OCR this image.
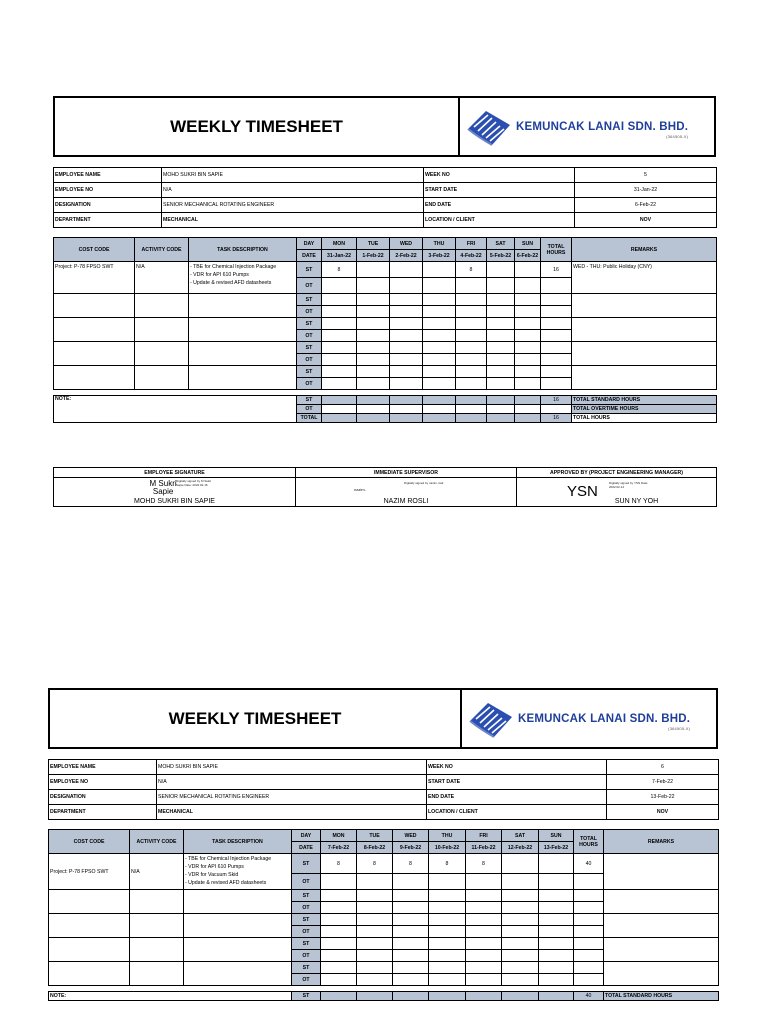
WEEKLY TIMESHEET	KEMUNCAK LANAI SDN. BHD.
(364505-X)
EMPLOYEE NAME	MOHD SUKRI BIN SAPIE	WEEK NO	5
EMPLOYEE NO	N/A	START DATE	31-Jan-22
DESIGNATION	SENIOR MECHANICAL ROTATING ENGINEER	END DATE	6-Feb-22
DEPARTMENT	MECHANICAL	LOCATION / CLIENT	NOV
COST CODE	ACTIVITY CODE	TASK DESCRIPTION	DAY	MON	TUE	WED	THU	FRI	SAT	SUN	TOTAL HOURS	REMARKS
			DATE	31-Jan-22	1-Feb-22	2-Feb-22	3-Feb-22	4-Feb-22	5-Feb-22	6-Feb-22		
Project: P-78 FPSO SWT	N/A	- TBE for Chemical Injection Package
- VDR for API 610 Pumps
- Update & revised AFD datasheets	ST	8				8			16	WED - THU: Public Holiday (CNY)
			OT									
			ST									
			OT									
			ST									
			OT									
			ST									
			OT									
			ST									
			OT									
NOTE:	ST								16	TOTAL STANDARD HOURS
	OT									TOTAL OVERTIME HOURS
	TOTAL								16	TOTAL HOURS
EMPLOYEE SIGNATURE	IMMEDIATE SUPERVISOR	APPROVED BY (PROJECT ENGINEERING MANAGER)

M Sukri Sapie
Digitally signed by M Sukri Sapie Date: 2022.02.16
MOHD SUKRI BIN SAPIE	nazim.
Digitally signed by nazim.rosli
NAZIM ROSLI	YSN Digitally signed by YSN Date: 2022.02.14
SUN NY YOH
WEEKLY TIMESHEET	KEMUNCAK LANAI SDN. BHD.
(364505-X)
EMPLOYEE NAME	MOHD SUKRI BIN SAPIE	WEEK NO	6
EMPLOYEE NO	N/A	START DATE	7-Feb-22
DESIGNATION	SENIOR MECHANICAL ROTATING ENGINEER	END DATE	13-Feb-22
DEPARTMENT	MECHANICAL	LOCATION / CLIENT	NOV
COST CODE	ACTIVITY CODE	TASK DESCRIPTION	DAY	MON	TUE	WED	THU	FRI	SAT	SUN	TOTAL HOURS	REMARKS
			DATE	7-Feb-22	8-Feb-22	9-Feb-22	10-Feb-22	11-Feb-22	12-Feb-22	13-Feb-22		
Project: P-78 FPSO SWT	N/A	- TBE for Chemical Injection Package
- VDR for API 610 Pumps
- VDR for Vacuum Skid
- Update & revised AFD datasheets	ST	8	8	8	8	8			40	
			OT									
			ST									
			OT									
			ST									
			OT									
			ST									
			OT									
			ST									
			OT									
NOTE:	ST								40	TOTAL STANDARD HOURS
